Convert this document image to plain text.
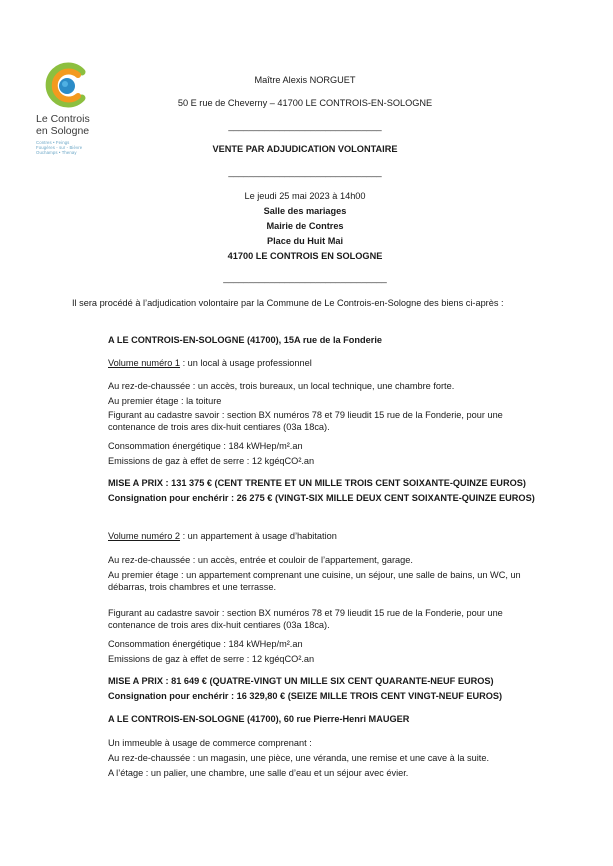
Le Controis
en Sologne
Contres • Feings
Fougères - sur - Bièvre
Ouchamps • Thenay
Maître Alexis NORGUET
50 E rue de Cheverny – 41700 LE CONTROIS-EN-SOLOGNE
______________________________
VENTE PAR ADJUDICATION VOLONTAIRE
______________________________
Le jeudi 25 mai 2023 à 14h00
Salle des mariages
Mairie de Contres
Place du Huit Mai
41700 LE CONTROIS EN SOLOGNE
________________________________
Il sera procédé à l’adjudication volontaire par la Commune de Le Controis-en-Sologne des biens ci-après :
A LE CONTROIS-EN-SOLOGNE (41700), 15A rue de la Fonderie
Volume numéro 1 : un local à usage professionnel
Au rez-de-chaussée : un accès, trois bureaux, un local technique, une chambre forte.
Au premier étage : la toiture
Figurant au cadastre savoir : section BX numéros 78 et 79 lieudit 15 rue de la Fonderie, pour une contenance de trois ares dix-huit centiares (03a 18ca).
Consommation énergétique : 184 kWHep/m².an
Emissions de gaz à effet de serre : 12 kgéqCO².an
MISE A PRIX : 131 375 € (CENT TRENTE ET UN MILLE TROIS CENT SOIXANTE-QUINZE EUROS)
Consignation pour enchérir : 26 275 € (VINGT-SIX MILLE DEUX CENT SOIXANTE-QUINZE EUROS)
Volume numéro 2 : un appartement à usage d’habitation
Au rez-de-chaussée : un accès, entrée et couloir de l’appartement, garage.
Au premier étage : un appartement comprenant une cuisine, un séjour, une salle de bains, un WC, un débarras, trois chambres et une terrasse.
Figurant au cadastre savoir : section BX numéros 78 et 79 lieudit 15 rue de la Fonderie, pour une contenance de trois ares dix-huit centiares (03a 18ca).
Consommation énergétique : 184 kWHep/m².an
Emissions de gaz à effet de serre : 12 kgéqCO².an
MISE A PRIX : 81 649 € (QUATRE-VINGT UN MILLE SIX CENT QUARANTE-NEUF EUROS)
Consignation pour enchérir : 16 329,80 € (SEIZE MILLE TROIS CENT VINGT-NEUF EUROS)
A LE CONTROIS-EN-SOLOGNE (41700), 60 rue Pierre-Henri MAUGER
Un immeuble à usage de commerce comprenant :
Au rez-de-chaussée : un magasin, une pièce, une véranda, une remise et une cave à la suite.
A l’étage : un palier, une chambre, une salle d’eau et un séjour avec évier.
